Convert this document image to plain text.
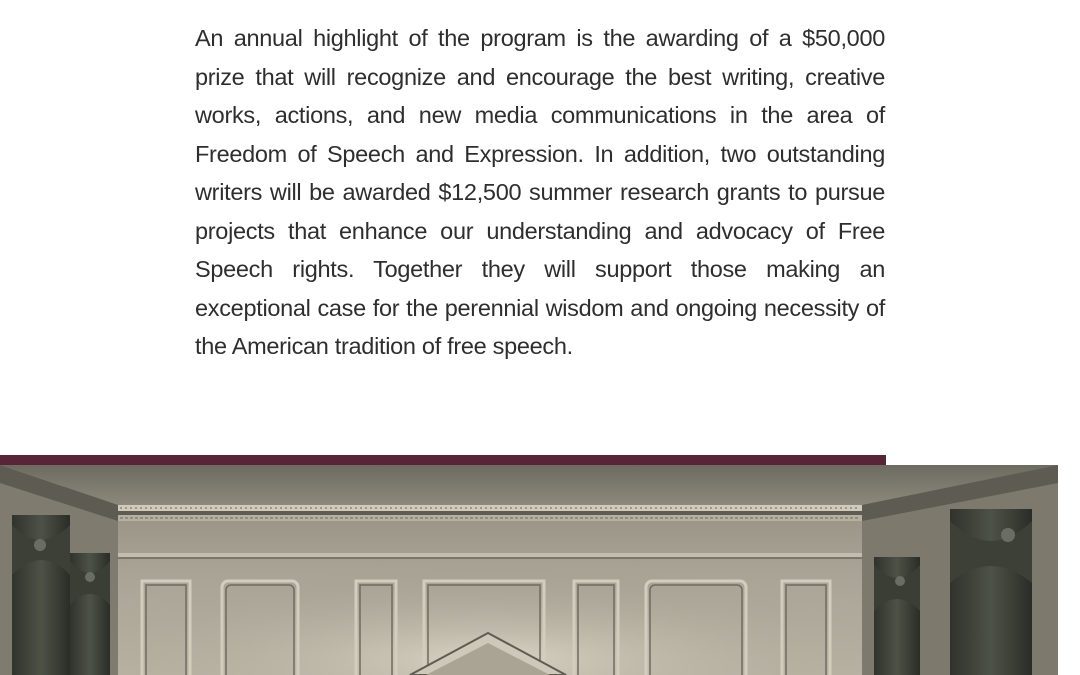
An annual highlight of the program is the awarding of a $50,000 prize that will recognize and encourage the best writing, creative works, actions, and new media communications in the area of Freedom of Speech and Expression. In addition, two outstanding writers will be awarded $12,500 summer research grants to pursue projects that enhance our understanding and advocacy of Free Speech rights. Together they will support those making an exceptional case for the perennial wisdom and ongoing necessity of the American tradition of free speech.
